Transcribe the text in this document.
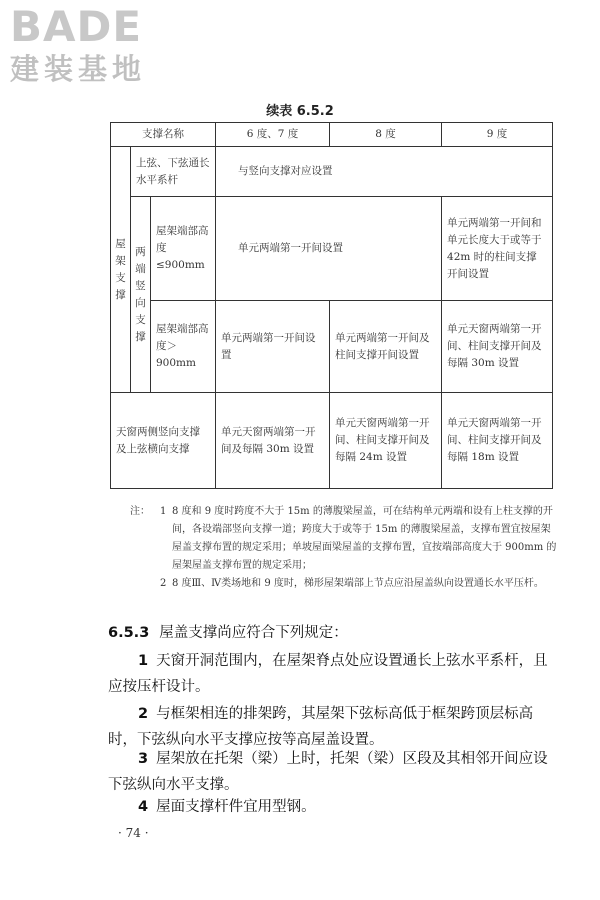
BADE
建装基地
续表 6.5.2
支撑名称			6 度、7 度	8 度	9 度
屋架支撑	上弦、下弦通长水平系杆		与竖向支撑对应设置		
	两端竖向支撑	屋架端部高度≤900mm	单元两端第一开间设置		单元两端第一开间和单元长度大于或等于 42m 时的柱间支撑开间设置
		屋架端部高度＞900mm	单元两端第一开间设置	单元两端第一开间及柱间支撑开间设置	单元天窗两端第一开间、柱间支撑开间及每隔 30m 设置
天窗两侧竖向支撑及上弦横向支撑			单元天窗两端第一开间及每隔 30m 设置	单元天窗两端第一开间、柱间支撑开间及每隔 24m 设置	单元天窗两端第一开间、柱间支撑开间及每隔 18m 设置
注：	1 8 度和 9 度时跨度不大于 15m 的薄腹梁屋盖，可在结构单元两端和设有上柱支撑的开间，各设端部竖向支撑一道；跨度大于或等于 15m 的薄腹梁屋盖，支撑布置宜按屋架屋盖支撑布置的规定采用；单坡屋面梁屋盖的支撑布置，宜按端部高度大于 900mm 的屋架屋盖支撑布置的规定采用；
2 8 度Ⅲ、Ⅳ类场地和 9 度时，梯形屋架端部上节点应沿屋盖纵向设置通长水平压杆。
6.5.3 屋盖支撑尚应符合下列规定：
1 天窗开洞范围内，在屋架脊点处应设置通长上弦水平系杆，且应按压杆设计。
2 与框架相连的排架跨，其屋架下弦标高低于框架跨顶层标高时，下弦纵向水平支撑应按等高屋盖设置。
3 屋架放在托架（梁）上时，托架（梁）区段及其相邻开间应设下弦纵向水平支撑。
4 屋面支撑杆件宜用型钢。
· 74 ·
